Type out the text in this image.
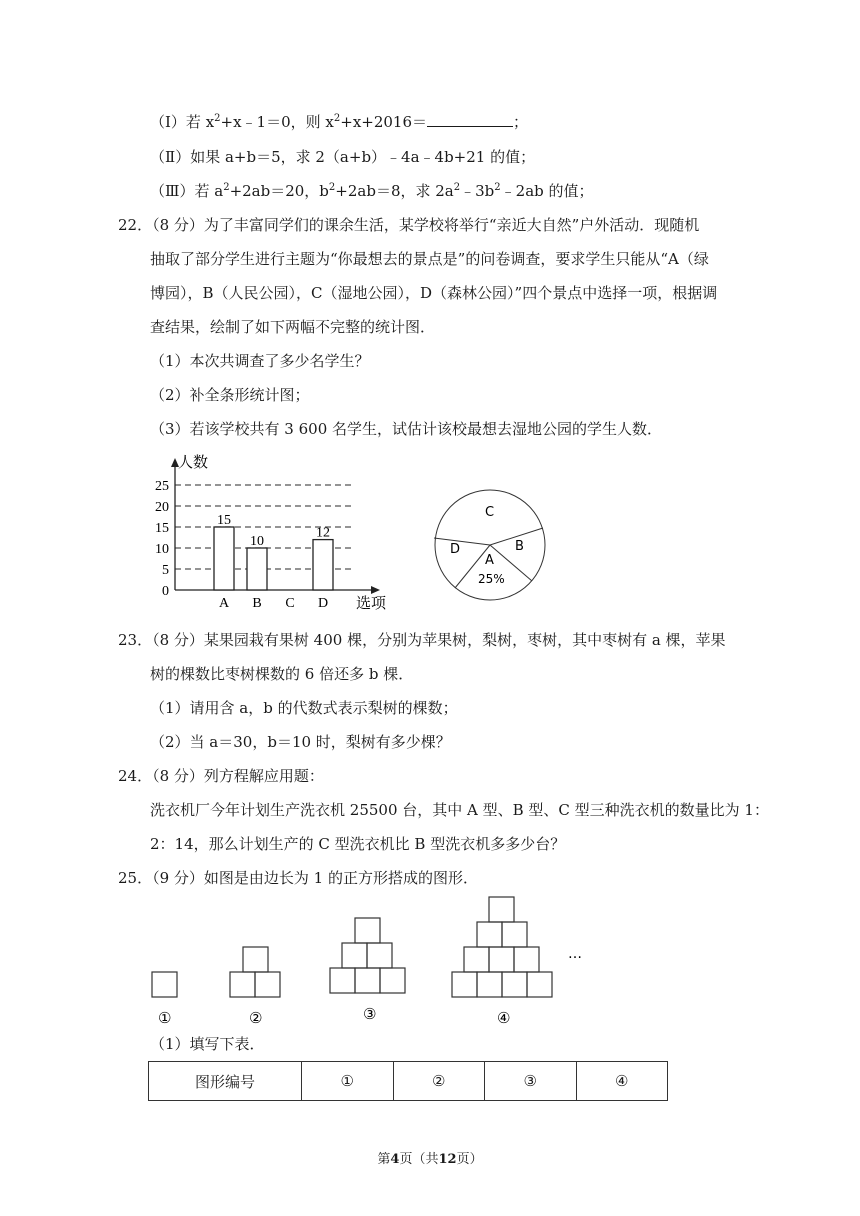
（Ⅰ）若 $x^2+x﹣1=0$，则 $x^2+x+2016=$	；
（Ⅱ）如果 a+b＝5，求 2（a+b）﹣4a﹣4b+21 的值；
（Ⅲ）若 $a^2+2ab=20$，$b^2+2ab=8$，求 $2a^2﹣3b^2﹣2ab$ 的值；
22．（8 分）为了丰富同学们的课余生活，某学校将举行“亲近大自然”户外活动．现随机
抽取了部分学生进行主题为“你最想去的景点是”的问卷调查，要求学生只能从“A（绿
博园），B（人民公园），C（湿地公园），D（森林公园）”四个景点中选择一项，根据调
查结果，绘制了如下两幅不完整的统计图．
（1）本次共调查了多少名学生？
（2）补全条形统计图；
（3）若该学校共有 3 600 名学生，试估计该校最想去湿地公园的学生人数．
0
5
10
15
20
25
15
10
12
A B C D
人数
选项
C
B
A
25%
D
23．（8 分）某果园栽有果树 400 棵，分别为苹果树，梨树，枣树，其中枣树有 a 棵，苹果
树的棵数比枣树棵数的 6 倍还多 b 棵．
（1）请用含 a，b 的代数式表示梨树的棵数；
（2）当 a＝30，b＝10 时，梨树有多少棵？
24．（8 分）列方程解应用题：
洗衣机厂今年计划生产洗衣机 25500 台，其中 A 型、B 型、C 型三种洗衣机的数量比为 1：
2：14，那么计划生产的 C 型洗衣机比 B 型洗衣机多多少台？
25．（9 分）如图是由边长为 1 的正方形搭成的图形．
…
①	②	③	④
（1）填写下表．
图形编号	①	②	③	④
第4页（共12页）
